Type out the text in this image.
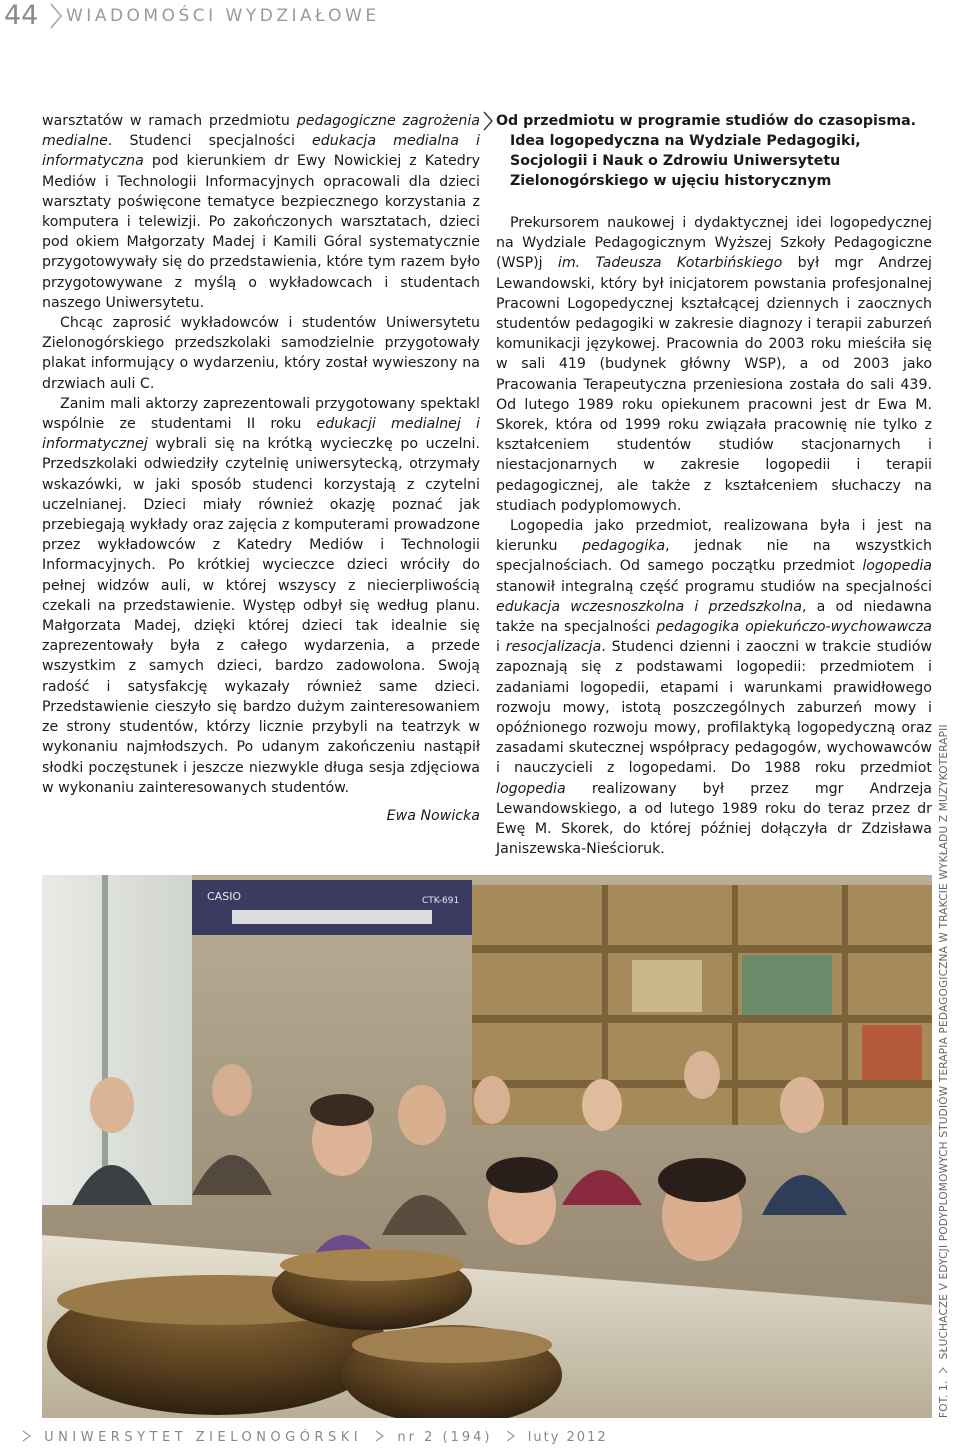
44 WIADOMOŚCI WYDZIAŁOWE

warsztatów w ramach przedmiotu pedagogiczne zagrożenia medialne. Studenci specjalności edukacja medialna i informatyczna pod kierunkiem dr Ewy Nowickiej z Katedry Mediów i Technologii Informacyjnych opracowali dla dzieci warsztaty poświęcone tematyce bezpiecznego korzystania z komputera i telewizji. Po zakończonych warsztatach, dzieci pod okiem Małgorzaty Madej i Kamili Góral systematycznie przygotowywały się do przedstawienia, które tym razem było przygotowywane z myślą o wykładowcach i studentach naszego Uniwersytetu.

Chcąc zaprosić wykładowców i studentów Uniwersytetu Zielonogórskiego przedszkolaki samodzielnie przygotowały plakat informujący o wydarzeniu, który został wywieszony na drzwiach auli C.

Zanim mali aktorzy zaprezentowali przygotowany spektakl wspólnie ze studentami II roku edukacji medialnej i informatycznej wybrali się na krótką wycieczkę po uczelni. Przedszkolaki odwiedziły czytelnię uniwersytecką, otrzymały wskazówki, w jaki sposób studenci korzystają z czytelni uczelnianej. Dzieci miały również okazję poznać jak przebiegają wykłady oraz zajęcia z komputerami prowadzone przez wykładowców z Katedry Mediów i Technologii Informacyjnych. Po krótkiej wycieczce dzieci wróciły do pełnej widzów auli, w której wszyscy z niecierpliwością czekali na przedstawienie. Występ odbył się według planu. Małgorzata Madej, dzięki której dzieci tak idealnie się zaprezentowały była z całego wydarzenia, a przede wszystkim z samych dzieci, bardzo zadowolona. Swoją radość i satysfakcję wykazały również same dzieci. Przedstawienie cieszyło się bardzo dużym zainteresowaniem ze strony studentów, którzy licznie przybyli na teatrzyk w wykonaniu najmłodszych. Po udanym zakończeniu nastąpił słodki poczęstunek i jeszcze niezwykle długa sesja zdjęciowa w wykonaniu zainteresowanych studentów.

Ewa Nowicka
Od przedmiotu w programie studiów do czasopisma.
Idea logopedyczna na Wydziale Pedagogiki, Socjologii i Nauk o Zdrowiu Uniwersytetu Zielonogórskiego w ujęciu historycznym

Prekursorem naukowej i dydaktycznej idei logopedycznej na Wydziale Pedagogicznym Wyższej Szkoły Pedagogiczne (WSP)j im. Tadeusza Kotarbińskiego był mgr Andrzej Lewandowski, który był inicjatorem powstania profesjonalnej Pracowni Logopedycznej kształcącej dziennych i zaocznych studentów pedagogiki w zakresie diagnozy i terapii zaburzeń komunikacji językowej. Pracownia do 2003 roku mieściła się w sali 419 (budynek główny WSP), a od 2003 jako Pracowania Terapeutyczna przeniesiona została do sali 439. Od lutego 1989 roku opiekunem pracowni jest dr Ewa M. Skorek, która od 1999 roku związała pracownię nie tylko z kształceniem studentów studiów stacjonarnych i niestacjonarnych w zakresie logopedii i terapii pedagogicznej, ale także z kształceniem słuchaczy na studiach podyplomowych.

Logopedia jako przedmiot, realizowana była i jest na kierunku pedagogika, jednak nie na wszystkich specjalnościach. Od samego początku przedmiot logopedia stanowił integralną część programu studiów na specjalności edukacja wczesnoszkolna i przedszkolna, a od niedawna także na specjalności pedagogika opiekuńczo-wychowawcza i resocjalizacja. Studenci dzienni i zaoczni w trakcie studiów zapoznają się z podstawami logopedii: przedmiotem i zadaniami logopedii, etapami i warunkami prawidłowego rozwoju mowy, istotą poszczególnych zaburzeń mowy i opóźnionego rozwoju mowy, profilaktyką logopedyczną oraz zasadami skutecznej współpracy pedagogów, wychowawców i nauczycieli z logopedami. Do 1988 roku przedmiot logopedia realizowany był przez mgr Andrzeja Lewandowskiego, a od lutego 1989 roku do teraz przez dr Ewę M. Skorek, do której później dołączyła dr Zdzisława Janiszewska-Nieścioruk.

CASIO	CTK-691
FOT. 1.  SŁUCHACZE V EDYCJI PODYPLOMOWYCH STUDIÓW TERAPIA PEDAGOGICZNA W TRAKCIE WYKŁADU Z MUZYKOTERAPII
UNIWERSYTET ZIELONOGÓRSKI	nr 2 (194)	luty 2012
